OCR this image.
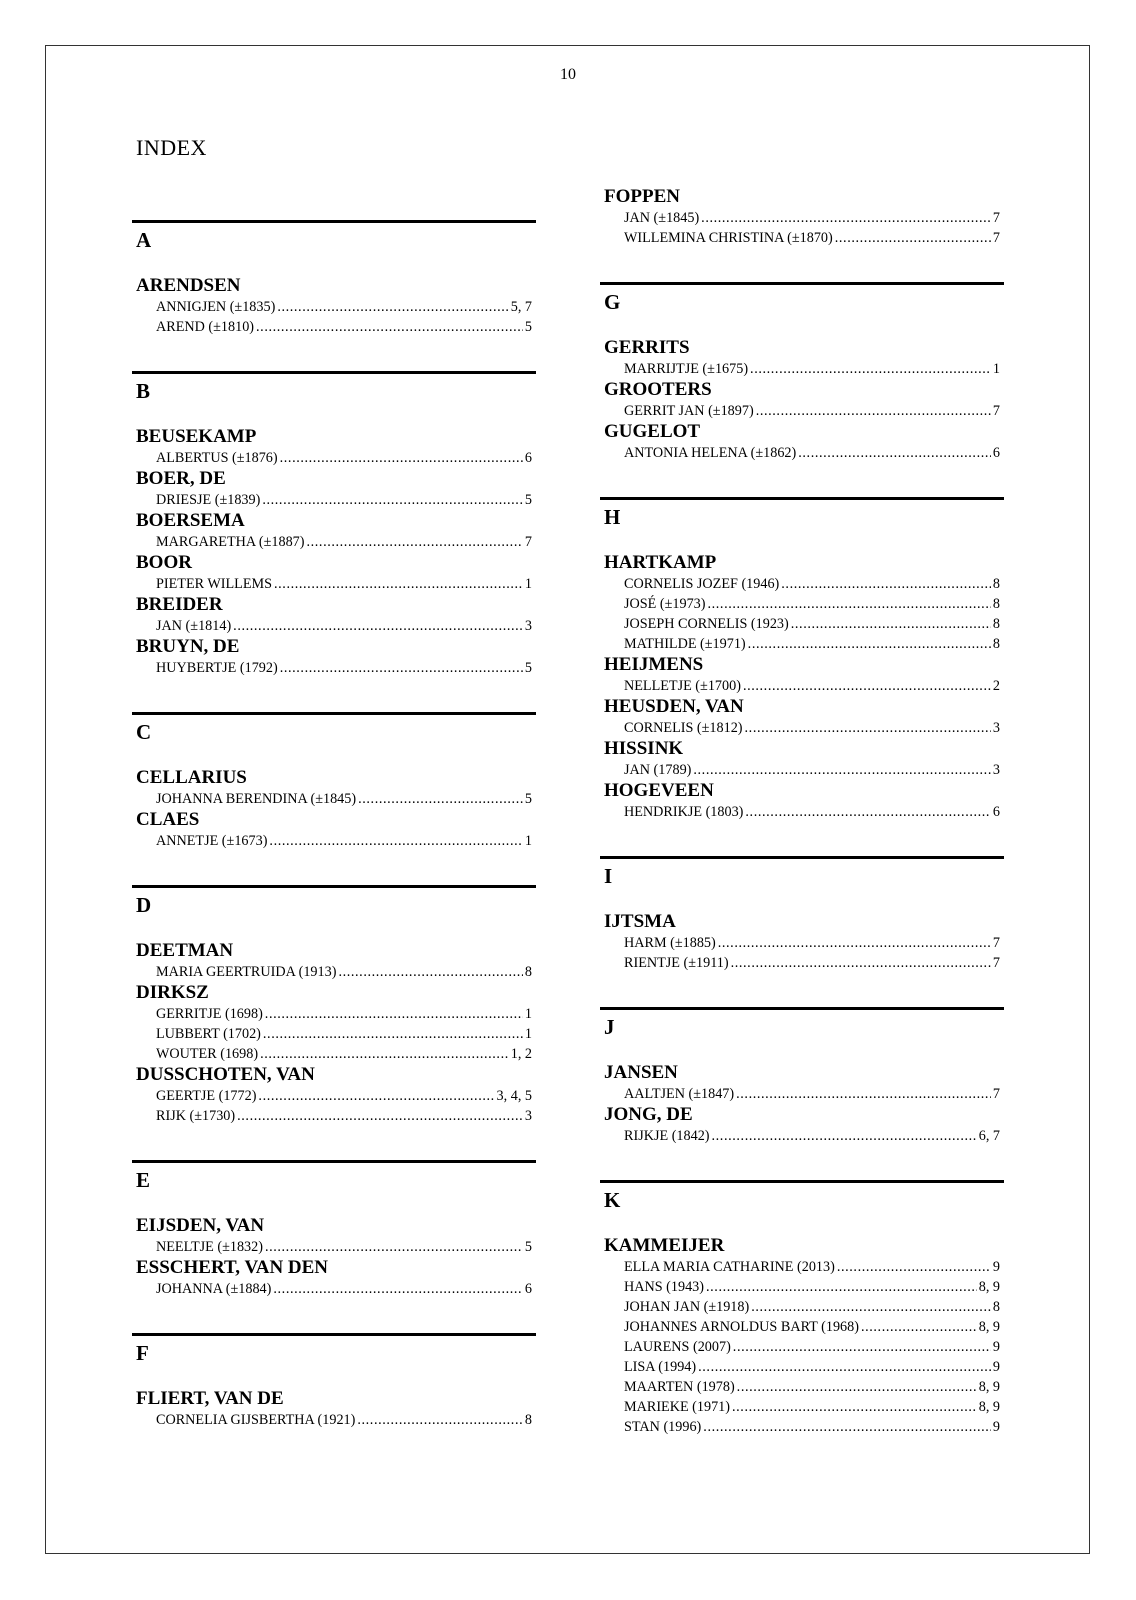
10
INDEX
A
ARENDSEN
ANNIGJEN (±1835) .....	5, 7
AREND (±1810) .....	5
B
BEUSEKAMP
ALBERTUS (±1876) .....	6
BOER, DE
DRIESJE (±1839) .....	5
BOERSEMA
MARGARETHA (±1887) .....	7
BOOR
PIETER WILLEMS .....	1
BREIDER
JAN (±1814) .....	3
BRUYN, DE
HUYBERTJE (1792) .....	5
C
CELLARIUS
JOHANNA BERENDINA (±1845) .....	5
CLAES
ANNETJE (±1673) .....	1
D
DEETMAN
MARIA GEERTRUIDA (1913) .....	8
DIRKSZ
GERRITJE (1698) .....	1
LUBBERT (1702) .....	1
WOUTER (1698) .....	1, 2
DUSSCHOTEN, VAN
GEERTJE (1772) .....	3, 4, 5
RIJK (±1730) .....	3
E
EIJSDEN, VAN
NEELTJE (±1832) .....	5
ESSCHERT, VAN DEN
JOHANNA (±1884) .....	6
F
FLIERT, VAN DE
CORNELIA GIJSBERTHA (1921) .....	8
FOPPEN
JAN (±1845) .....	7
WILLEMINA CHRISTINA (±1870) .....	7
G
GERRITS
MARRIJTJE (±1675) .....	1
GROOTERS
GERRIT JAN (±1897) .....	7
GUGELOT
ANTONIA HELENA (±1862) .....	6
H
HARTKAMP
CORNELIS JOZEF (1946) .....	8
JOSÉ (±1973) .....	8
JOSEPH CORNELIS (1923) .....	8
MATHILDE (±1971) .....	8
HEIJMENS
NELLETJE (±1700) .....	2
HEUSDEN, VAN
CORNELIS (±1812) .....	3
HISSINK
JAN (1789) .....	3
HOGEVEEN
HENDRIKJE (1803) .....	6
I
IJTSMA
HARM (±1885) .....	7
RIENTJE (±1911) .....	7
J
JANSEN
AALTJEN (±1847) .....	7
JONG, DE
RIJKJE (1842) .....	6, 7
K
KAMMEIJER
ELLA MARIA CATHARINE (2013) .....	9
HANS (1943) .....	8, 9
JOHAN JAN (±1918) .....	8
JOHANNES ARNOLDUS BART (1968) .....	8, 9
LAURENS (2007) .....	9
LISA (1994) .....	9
MAARTEN (1978) .....	8, 9
MARIEKE (1971) .....	8, 9
STAN (1996) .....	9
